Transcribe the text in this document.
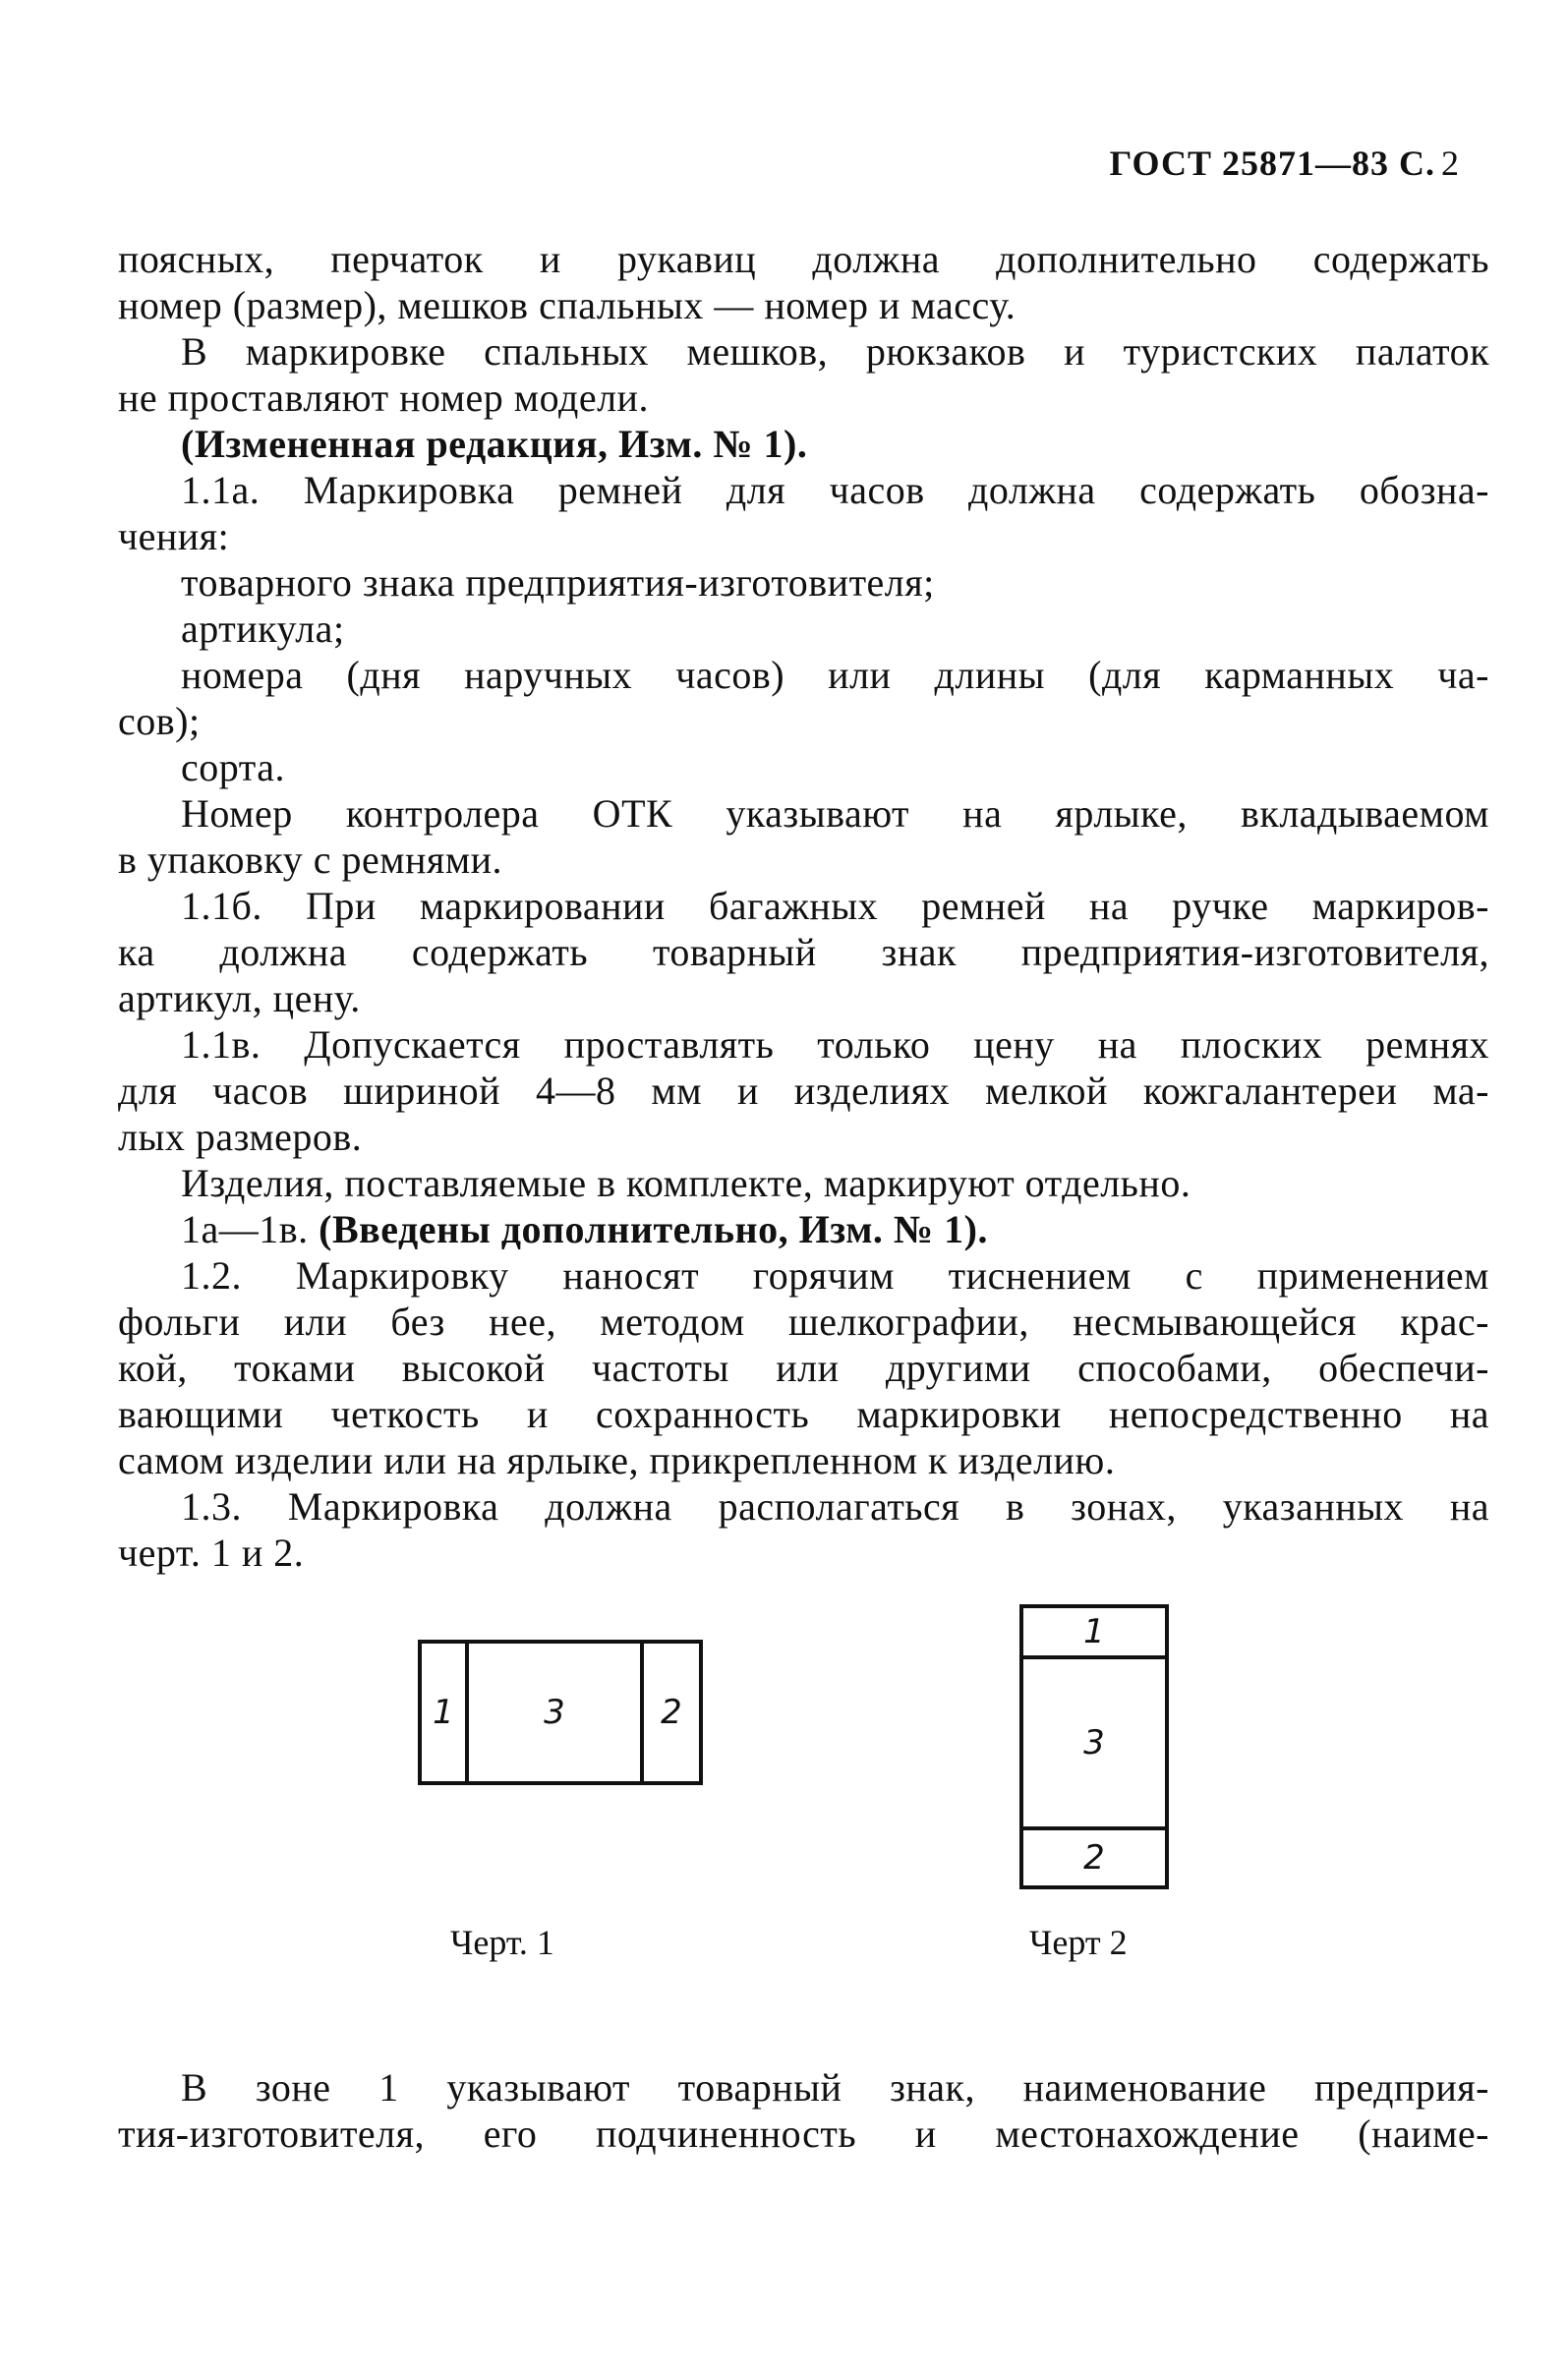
ГОСТ 25871—83 С. 2
поясных, перчаток и рукавиц должна дополнительно содержать
номер (размер), мешков спальных — номер и массу.
В маркировке спальных мешков, рюкзаков и туристских палаток
не проставляют номер модели.
(Измененная редакция, Изм. № 1).
1.1а. Маркировка ремней для часов должна содержать обозна-
чения:
товарного знака предприятия-изготовителя;
артикула;
номера (дня наручных часов) или длины (для карманных ча-
сов);
сорта.
Номер контролера ОТК указывают на ярлыке, вкладываемом
в упаковку с ремнями.
1.1б. При маркировании багажных ремней на ручке маркиров-
ка должна содержать товарный знак предприятия-изготовителя,
артикул, цену.
1.1в. Допускается проставлять только цену на плоских ремнях
для часов шириной 4—8 мм и изделиях мелкой кожгалантереи ма-
лых размеров.
Изделия, поставляемые в комплекте, маркируют отдельно.
1а—1в. (Введены дополнительно, Изм. № 1).
1.2. Маркировку наносят горячим тиснением с применением
фольги или без нее, методом шелкографии, несмывающейся крас-
кой, токами высокой частоты или другими способами, обеспечи-
вающими четкость и сохранность маркировки непосредственно на
самом изделии или на ярлыке, прикрепленном к изделию.
1.3. Маркировка должна располагаться в зонах, указанных на
черт. 1 и 2.
1	3	2
Черт. 1
1
3
2
Черт 2
В зоне 1 указывают товарный знак, наименование предприя-
тия-изготовителя, его подчиненность и местонахождение (наиме-
